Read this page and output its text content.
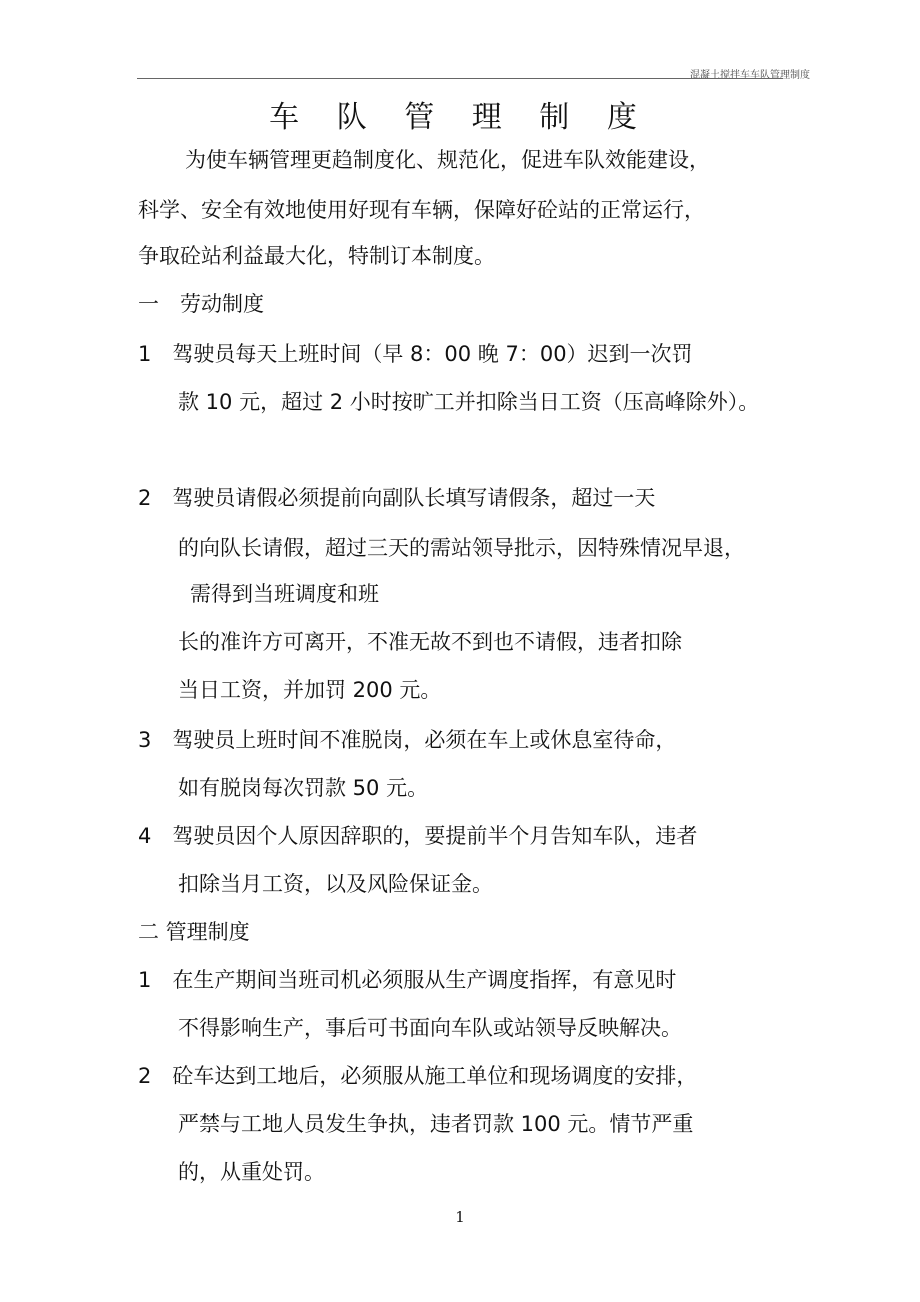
混凝土搅拌车车队管理制度
车 队 管 理 制 度
为使车辆管理更趋制度化、规范化，促进车队效能建设，
科学、安全有效地使用好现有车辆，保障好砼站的正常运行，
争取砼站利益最大化，特制订本制度。
一　劳动制度
1　驾驶员每天上班时间（早 8：00 晚 7：00）迟到一次罚
款 10 元，超过 2 小时按旷工并扣除当日工资（压高峰除外）。
2　驾驶员请假必须提前向副队长填写请假条，超过一天
的向队长请假，超过三天的需站领导批示，因特殊情况早退，
需得到当班调度和班
长的准许方可离开，不准无故不到也不请假，违者扣除
当日工资，并加罚 200 元。
3　驾驶员上班时间不准脱岗，必须在车上或休息室待命，
如有脱岗每次罚款 50 元。
4　驾驶员因个人原因辞职的，要提前半个月告知车队，违者
扣除当月工资，以及风险保证金。
二 管理制度
1　在生产期间当班司机必须服从生产调度指挥，有意见时
不得影响生产，事后可书面向车队或站领导反映解决。
2　砼车达到工地后，必须服从施工单位和现场调度的安排，
严禁与工地人员发生争执，违者罚款 100 元。情节严重
的，从重处罚。
1
